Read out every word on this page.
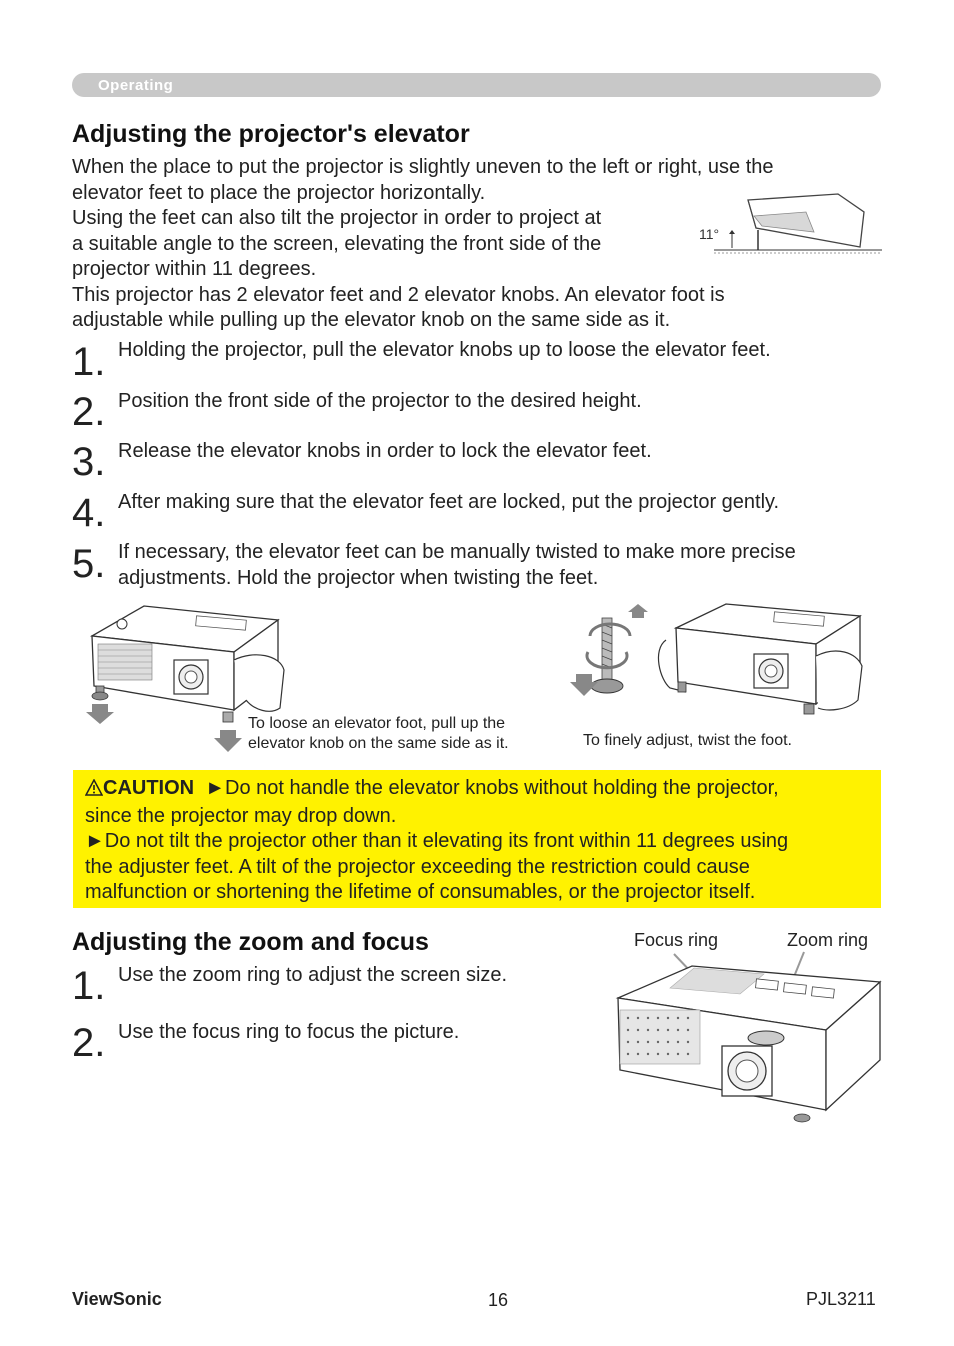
Operating
Adjusting the projector's elevator
When the place to put the projector is slightly uneven to the left or right, use the
elevator feet to place the projector horizontally.
Using the feet can also tilt the projector in order to project at
a suitable angle to the screen, elevating the front side of the
projector within 11 degrees.
This projector has 2 elevator feet and 2 elevator knobs. An elevator foot is
adjustable while pulling up the elevator knob on the same side as it.
11°
1. Holding the projector, pull the elevator knobs up to loose the elevator feet.
2. Position the front side of the projector to the desired height.
3. Release the elevator knobs in order to lock the elevator feet.
4. After making sure that the elevator feet are locked, put the projector gently.
5. If necessary, the elevator feet can be manually twisted to make more precise
adjustments. Hold the projector when twisting the feet.
To loose an elevator foot, pull up the
elevator knob on the same side as it.	To finely adjust, twist the foot.
CAUTION ►Do not handle the elevator knobs without holding the projector,
since the projector may drop down.
►Do not tilt the projector other than it elevating its front within 11 degrees using
the adjuster feet. A tilt of the projector exceeding the restriction could cause
malfunction or shortening the lifetime of consumables, or the projector itself.
Adjusting the zoom and focus
1. Use the zoom ring to adjust the screen size.
2. Use the focus ring to focus the picture.
Focus ring	Zoom ring
ViewSonic	16	PJL3211
